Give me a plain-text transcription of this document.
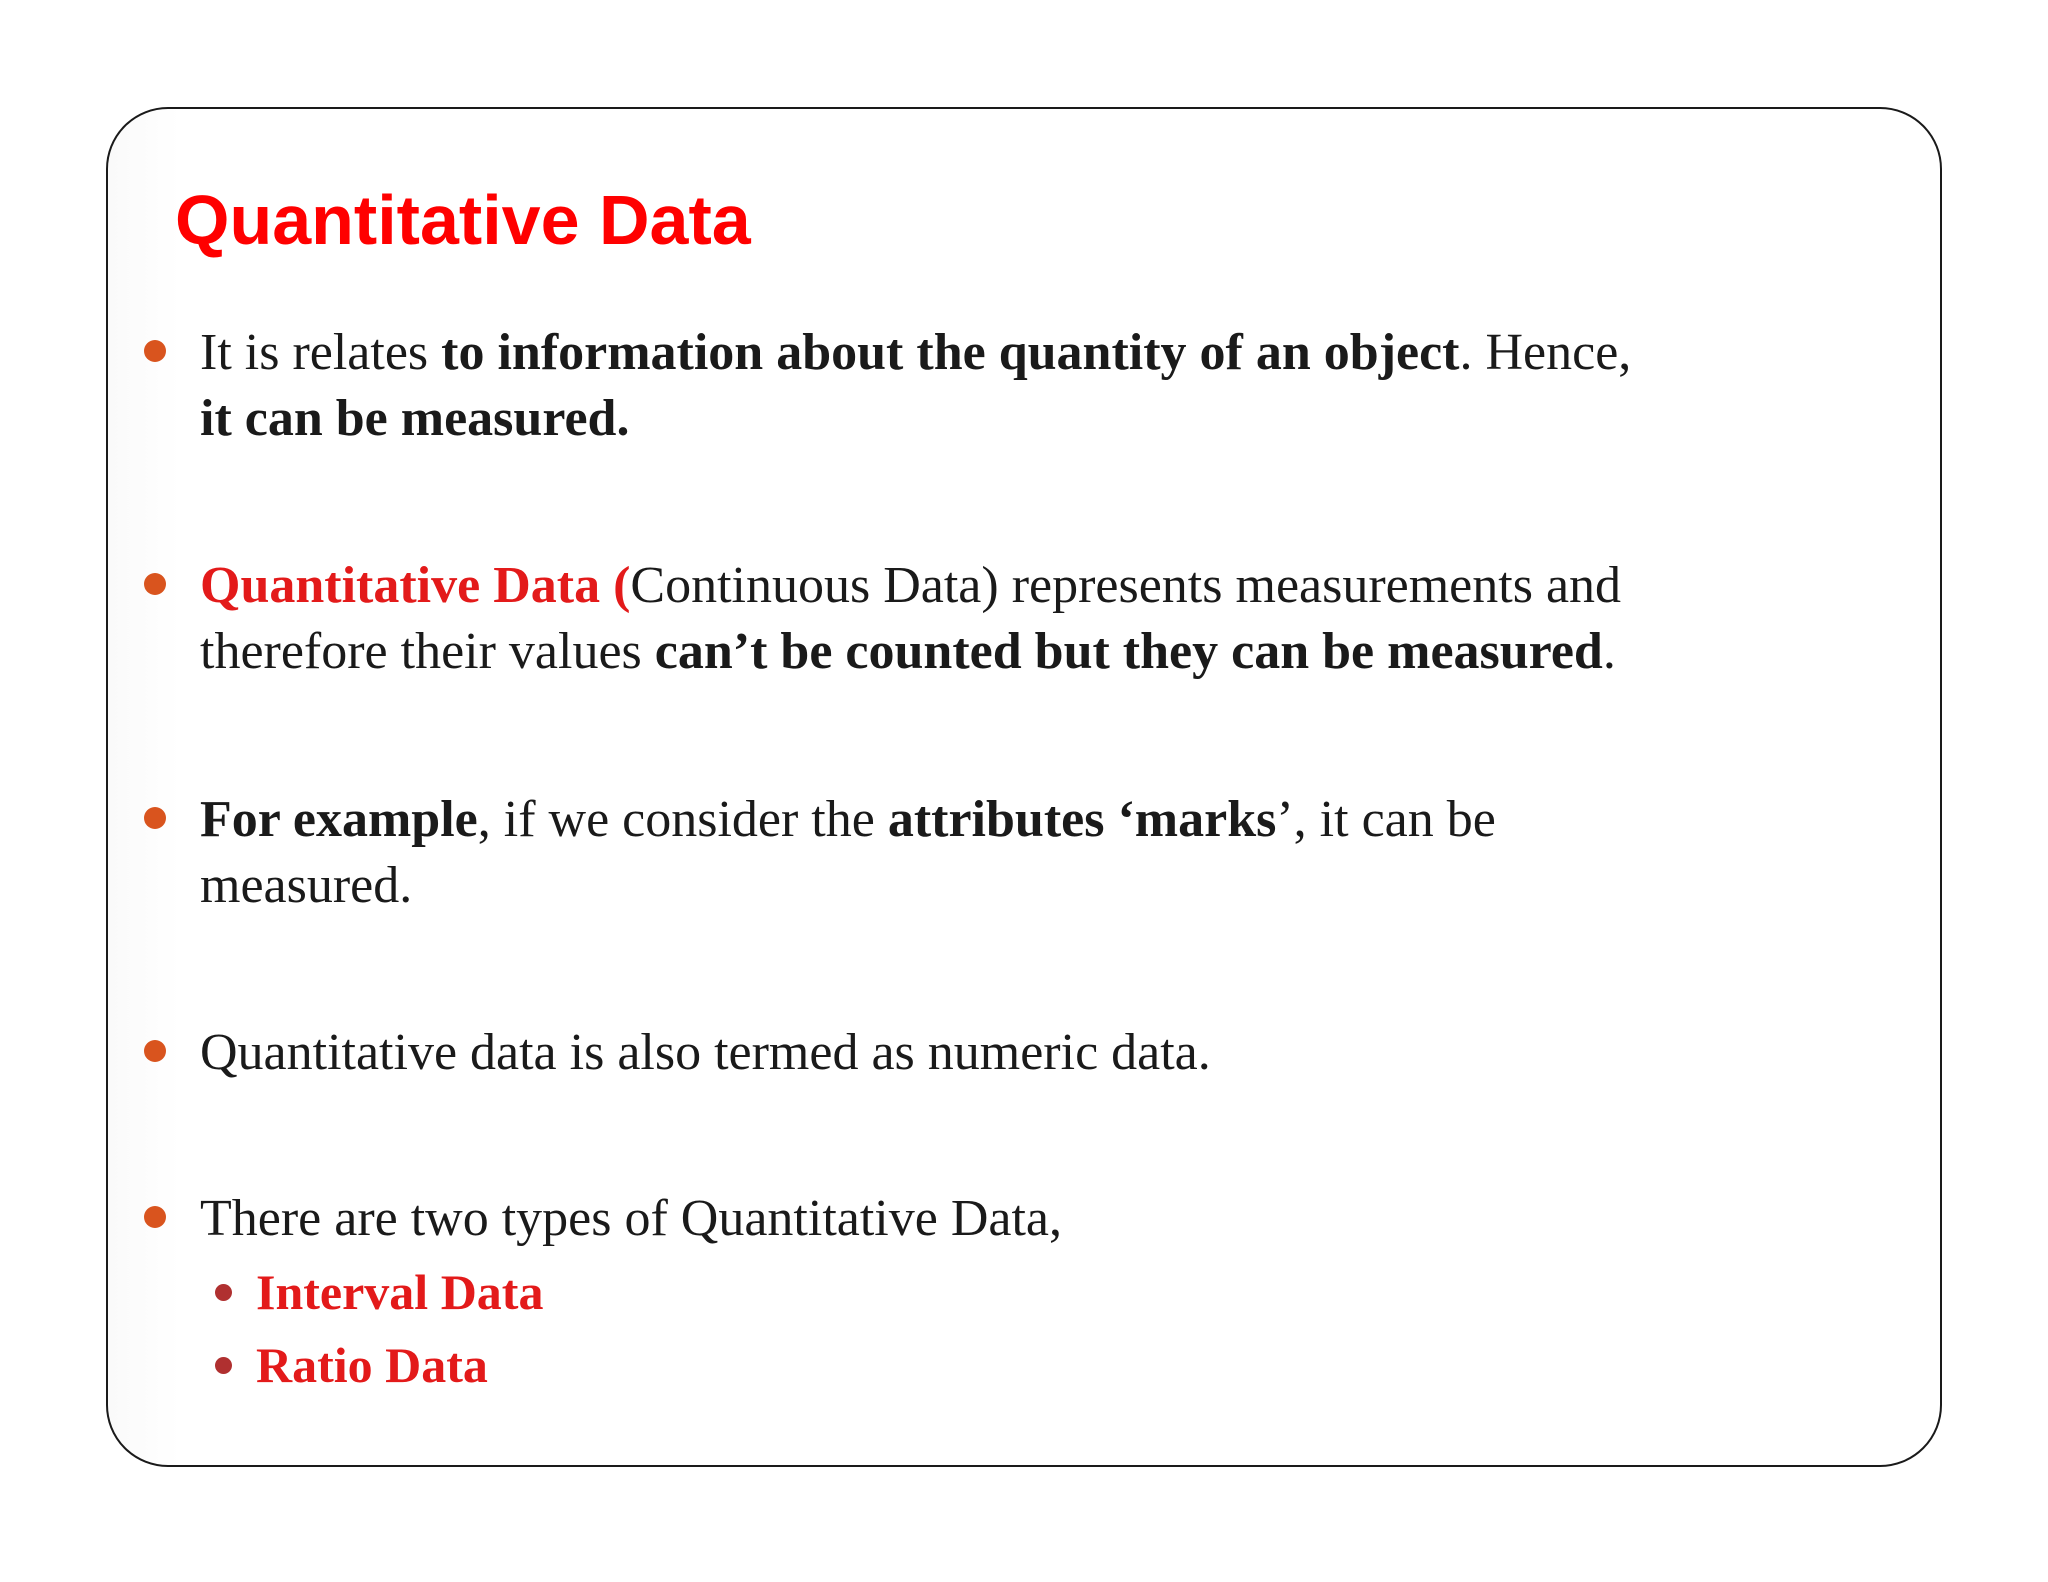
Quantitative Data
It is relates to information about the quantity of an object. Hence,
it can be measured.
Quantitative Data (Continuous Data) represents measurements and
therefore their values can’t be counted but they can be measured.
For example, if we consider the attributes ‘marks’, it can be
measured.
Quantitative data is also termed as numeric data.
There are two types of Quantitative Data,
Interval Data
Ratio Data
